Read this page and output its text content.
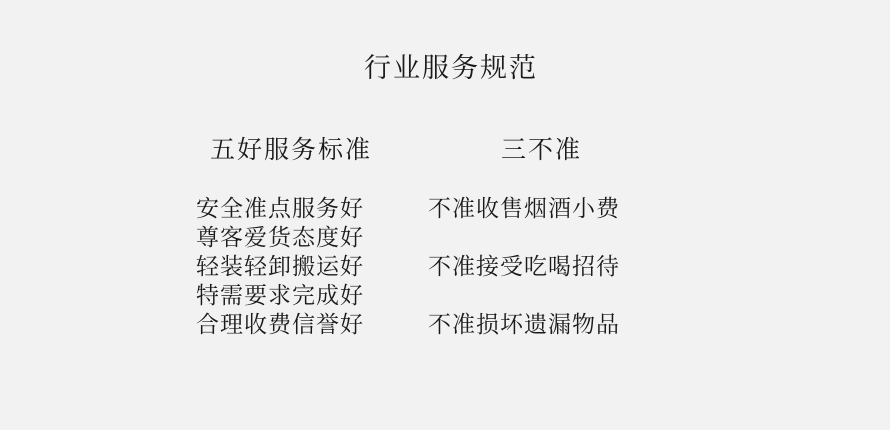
行业服务规范
五好服务标准	三不准
安全准点服务好	不准收售烟酒小费
尊客爱货态度好
轻装轻卸搬运好	不准接受吃喝招待
特需要求完成好
合理收费信誉好	不准损坏遗漏物品
